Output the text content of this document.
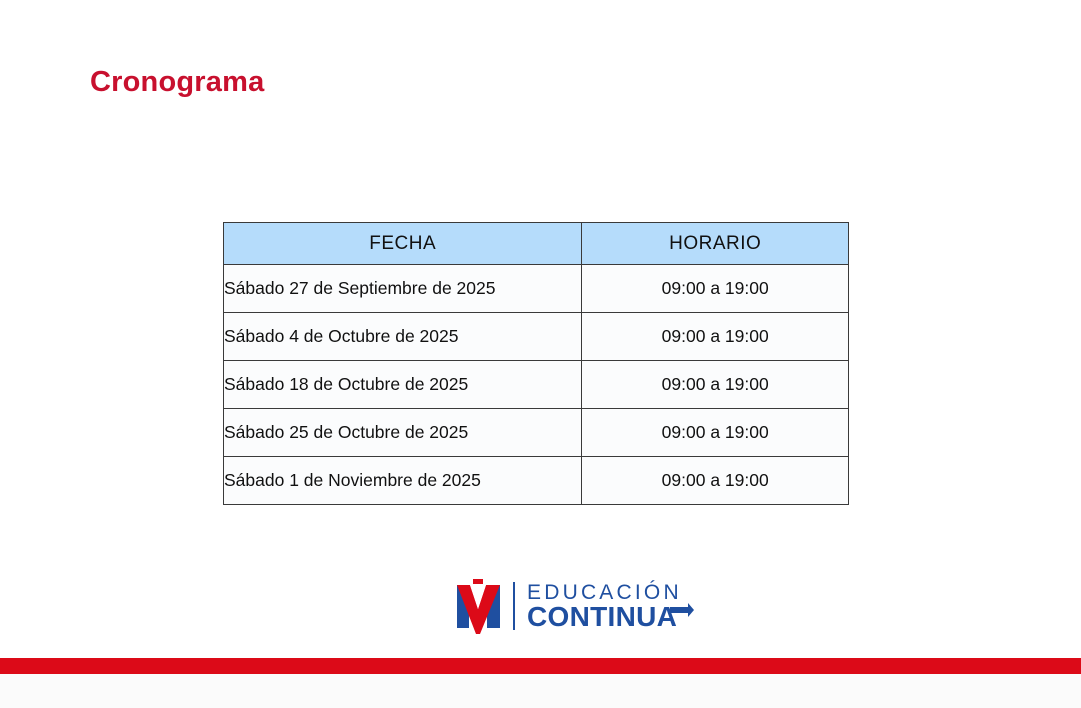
Cronograma
FECHA	HORARIO
Sábado 27 de Septiembre de 2025	09:00 a 19:00
Sábado 4 de Octubre de 2025	09:00 a 19:00
Sábado 18 de Octubre de 2025	09:00 a 19:00
Sábado 25 de Octubre de 2025	09:00 a 19:00
Sábado 1 de Noviembre de 2025	09:00 a 19:00
EDUCACIÓN
CONTINUA
